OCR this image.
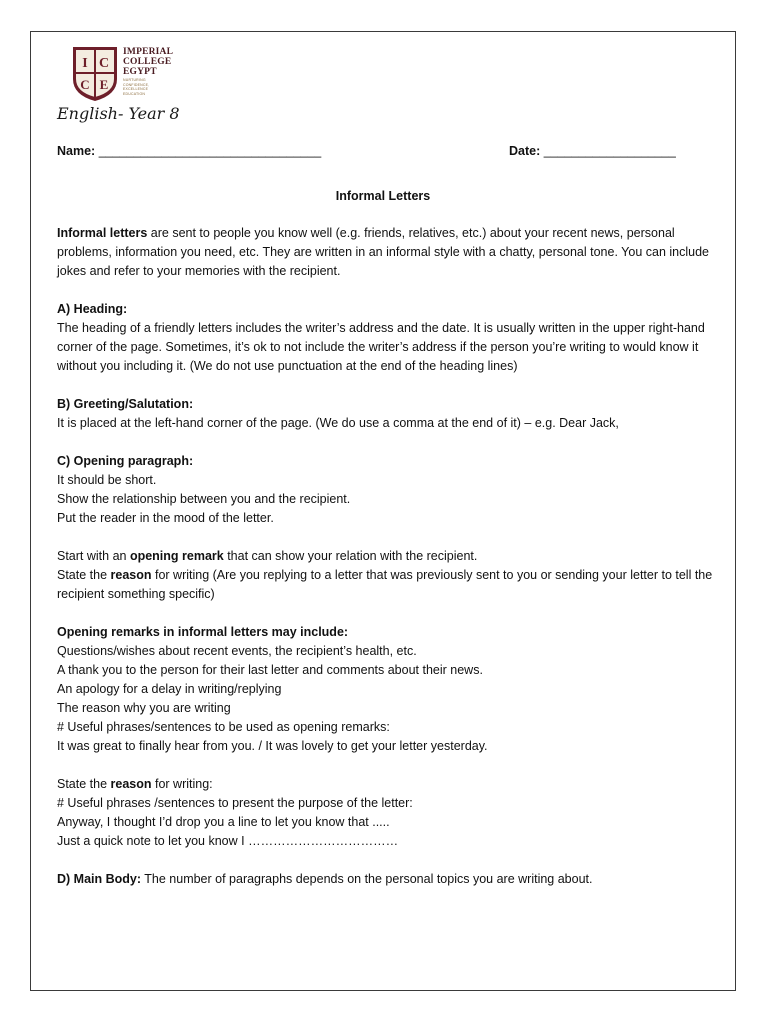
I C
C E
IMPERIAL
COLLEGE
EGYPT
NURTURING
CONFIDENCE,
EXCELLENCE
EDUCATION
English- Year 8
Name: ________________________________	Date: ___________________
Informal Letters

Informal letters are sent to people you know well (e.g. friends, relatives, etc.) about your recent news, personal problems, information you need, etc. They are written in an informal style with a chatty, personal tone. You can include jokes and refer to your memories with the recipient.

A) Heading:
The heading of a friendly letters includes the writer’s address and the date. It is usually written in the upper right-hand corner of the page. Sometimes, it’s ok to not include the writer’s address if the person you’re writing to would know it without you including it. (We do not use punctuation at the end of the heading lines)

B) Greeting/Salutation:
It is placed at the left-hand corner of the page. (We do use a comma at the end of it) – e.g. Dear Jack,

C) Opening paragraph:
It should be short.
Show the relationship between you and the recipient.
Put the reader in the mood of the letter.

Start with an opening remark that can show your relation with the recipient.
State the reason for writing (Are you replying to a letter that was previously sent to you or sending your letter to tell the recipient something specific)

Opening remarks in informal letters may include:
Questions/wishes about recent events, the recipient’s health, etc.
A thank you to the person for their last letter and comments about their news.
An apology for a delay in writing/replying
The reason why you are writing
# Useful phrases/sentences to be used as opening remarks:
It was great to finally hear from you. / It was lovely to get your letter yesterday.

State the reason for writing:
# Useful phrases /sentences to present the purpose of the letter:
Anyway, I thought I’d drop you a line to let you know that .....
Just a quick note to let you know I ………………………………

D) Main Body: The number of paragraphs depends on the personal topics you are writing about.
